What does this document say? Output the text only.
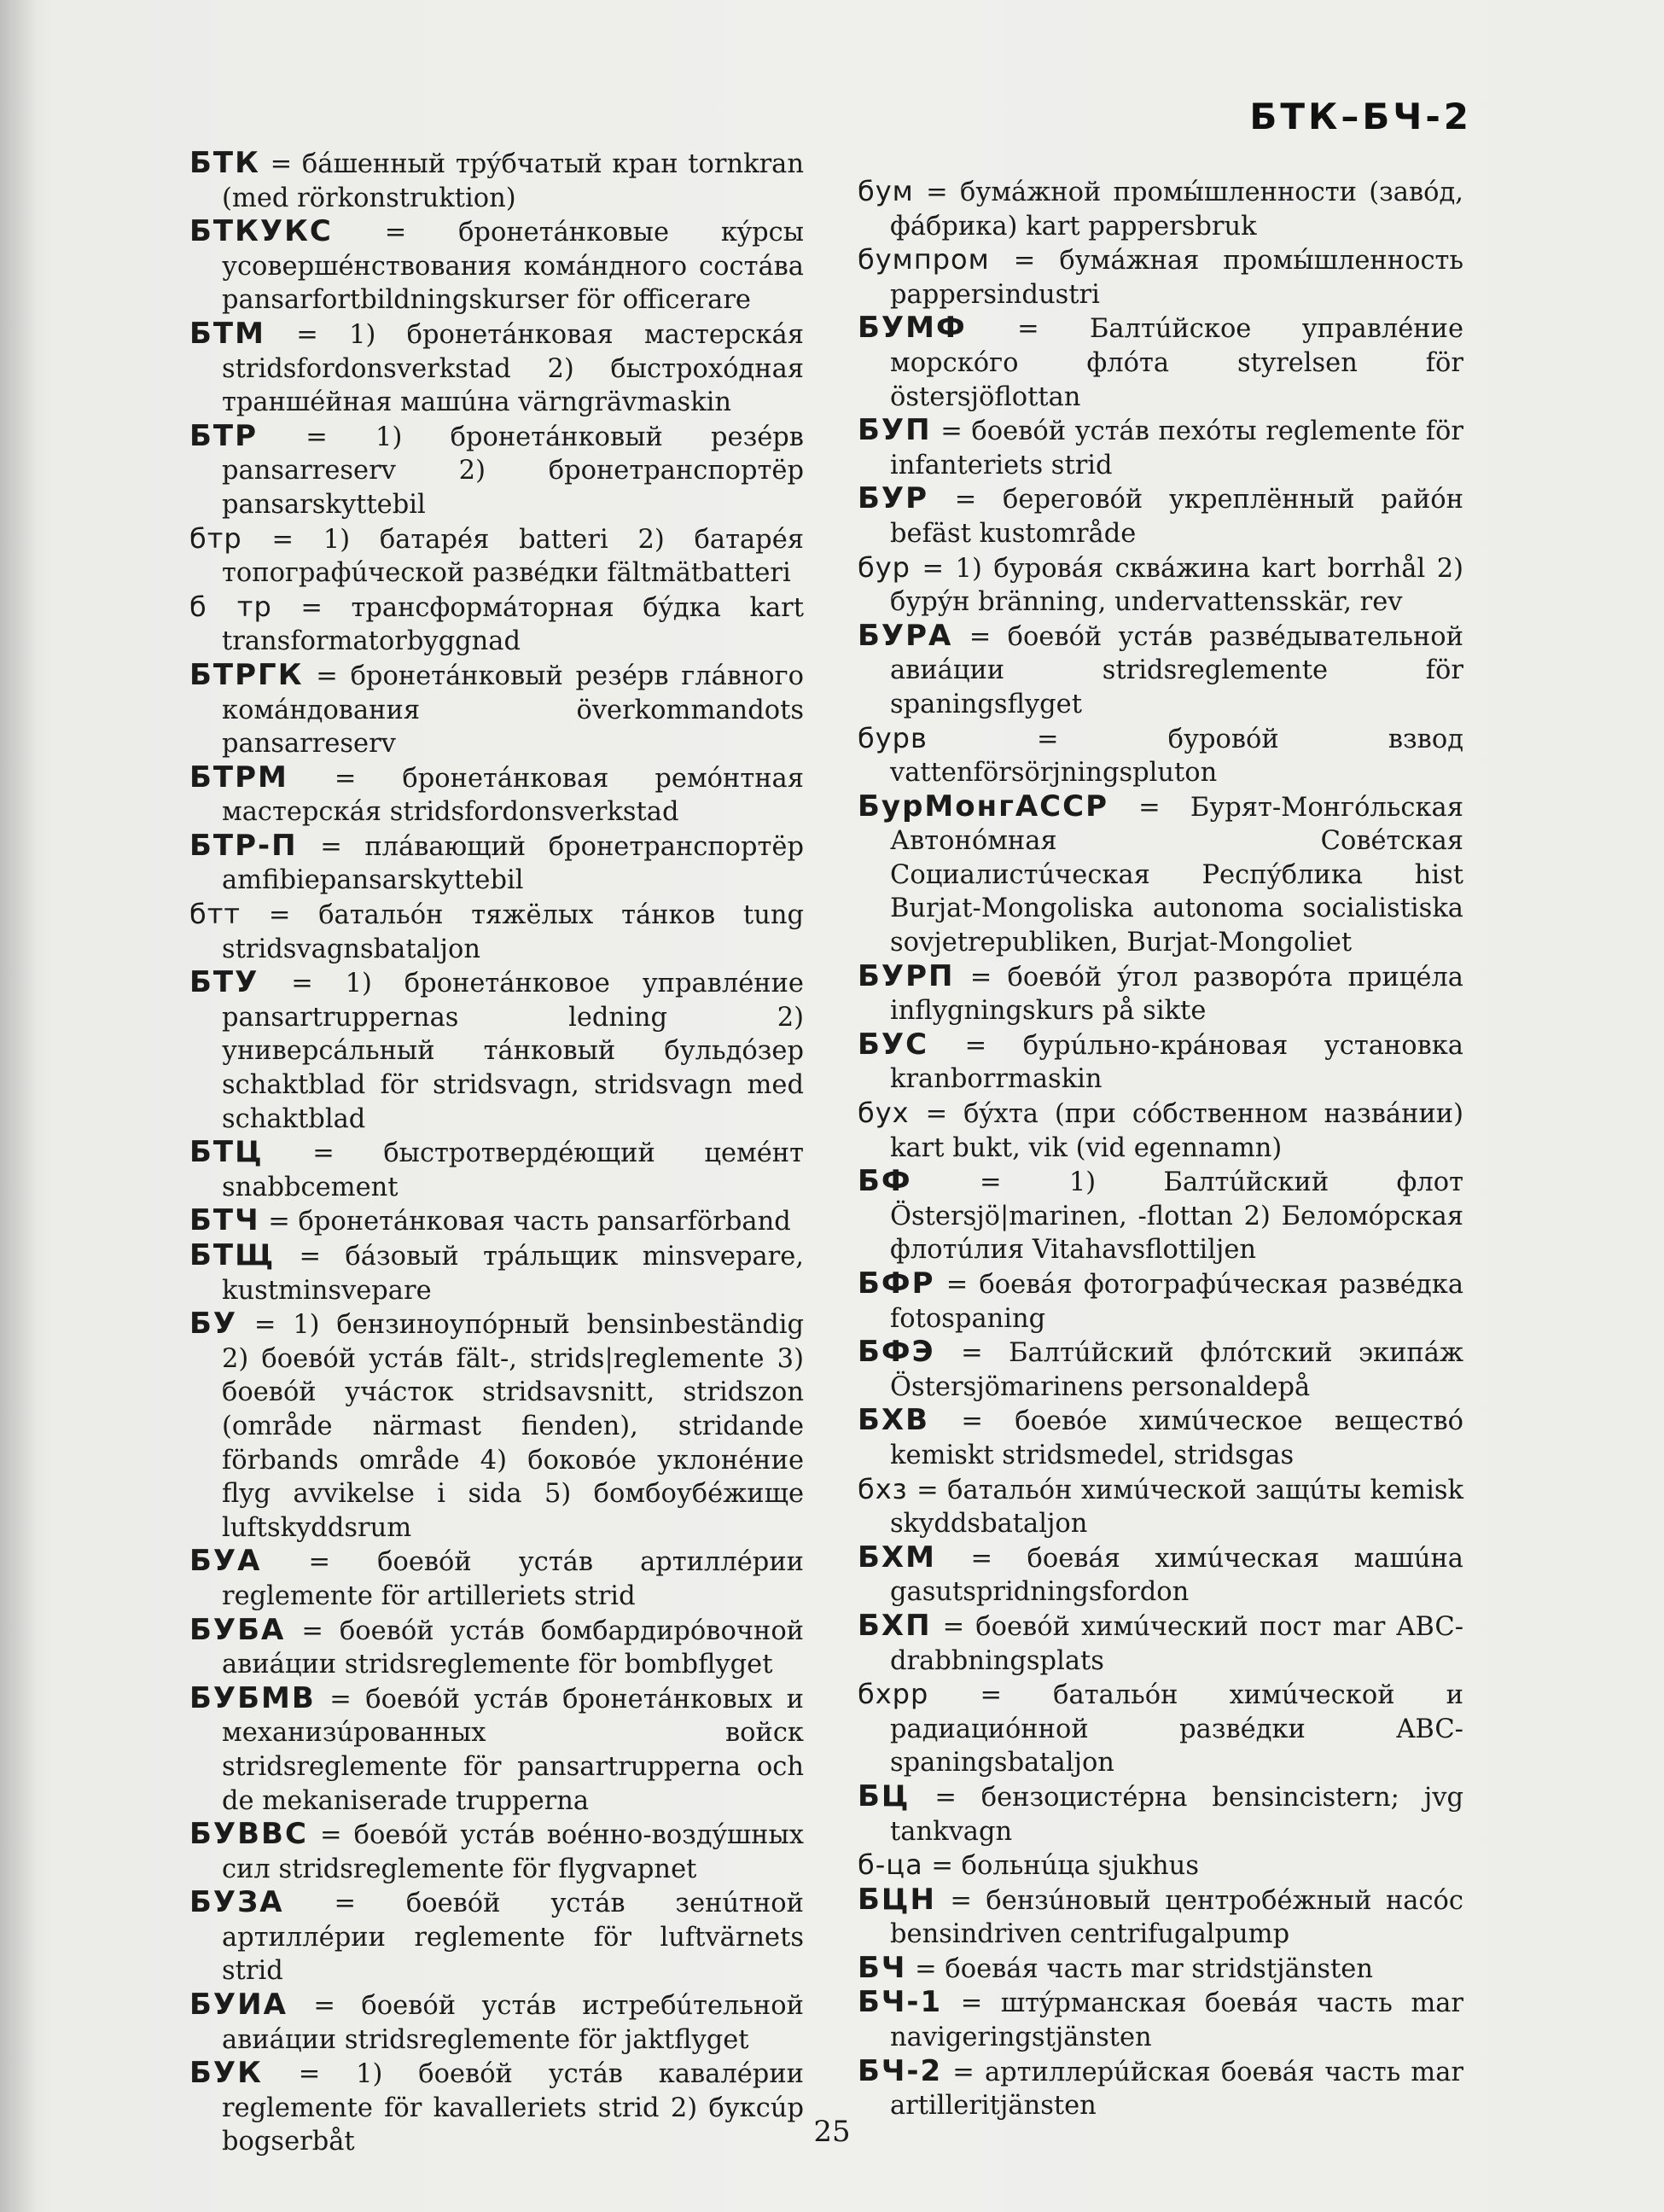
БТК–БЧ-2
БТК = бáшенный трýбчатый кран tornkran (med rörkonstruktion)
БТКУКС = бронетáнковые кýрсы усовершéнствования комáндного состáва pansarfortbildningskurser för officerare
БТМ = 1) бронетáнковая мастерскáя stridsfordonsverkstad 2) быстрохóдная траншéйная машúна värngrävmaskin
БТР = 1) бронетáнковый резéрв pansarreserv 2) бронетранспортёр pansarskyttebil
бтр = 1) батарéя batteri 2) батарéя топографúческой развéдки fältmätbatteri
б тр = трансформáторная бýдка kart transformatorbyggnad
БТРГК = бронетáнковый резéрв глáвного комáндования överkommandots pansarreserv
БТРМ = бронетáнковая ремóнтная мастерскáя stridsfordonsverkstad
БТР-П = плáвающий бронетранспортёр amfibiepansarskyttebil
бтт = батальóн тяжёлых тáнков tung stridsvagnsbataljon
БТУ = 1) бронетáнковое управлéние pansartruppernas ledning 2) универсáльный тáнковый бульдóзер schaktblad för stridsvagn, stridsvagn med schaktblad
БТЦ = быстротвердéющий цемéнт snabbcement
БТЧ = бронетáнковая часть pansarförband
БТЩ = бáзовый трáльщик minsvepare, kustminsvepare
БУ = 1) бензиноупóрный bensinbeständig 2) боевóй устáв fält-, strids|reglemente 3) боевóй учáсток stridsavsnitt, stridszon (område närmast fienden), stridande förbands område 4) боковóе уклонéние flyg avvikelse i sida 5) бомбоубéжище luftskyddsrum
БУА = боевóй устáв артиллéрии reglemente för artilleriets strid
БУБА = боевóй устáв бомбардирóвочной авиáции stridsreglemente för bombflyget
БУБМВ = боевóй устáв бронетáнковых и механизúрованных войск stridsreglemente för pansartrupperna och de mekaniserade trupperna
БУВВС = боевóй устáв воéнно-воздýшных сил stridsreglemente för flygvapnet
БУЗА = боевóй устáв зенúтной артиллéрии reglemente för luftvärnets strid
БУИА = боевóй устáв истребúтельной авиáции stridsreglemente för jaktflyget
БУК = 1) боевóй устáв кавалéрии reglemente för kavalleriets strid 2) буксúр bogserbåt
бум = бумáжной промы́шленности (завóд, фáбрика) kart pappersbruk
бумпром = бумáжная промы́шленность pappersindustri
БУМФ = Балтúйское управлéние морскóго флóта styrelsen för östersjöflottan
БУП = боевóй устáв пехóты reglemente för infanteriets strid
БУР = береговóй укреплённый райóн befäst kustområde
бур = 1) буровáя сквáжина kart borrhål 2) бурýн bränning, undervattensskär, rev
БУРА = боевóй устáв развéдывательной авиáции stridsreglemente för spaningsflyget
бурв	= буровóй взвод vattenförsörjningspluton
БурМонгАССР = Бурят-Монгóльская Автонóмная Совéтская Социалистúческая Респýблика hist Burjat-Mongoliska autonoma socialistiska sovjetrepubliken, Burjat-Mongoliet
БУРП = боевóй ýгол разворóта прицéла inflygningskurs på sikte
БУС = бурúльно-крáновая установка kranborrmaskin
бух = бýхта (при сóбственном назвáнии) kart bukt, vik (vid egennamn)
БФ	= 1) Балтúйский флот Östersjö|marinen, -flottan 2) Беломóрская флотúлия Vitahavsflottiljen
БФР = боевáя фотографúческая развéдка fotospaning
БФЭ = Балтúйский флóтский экипáж Östersjömarinens personaldepå
БХВ = боевóе химúческое веществó kemiskt stridsmedel, stridsgas
бхз = батальóн химúческой защúты kemisk skyddsbataljon
БХМ = боевáя химúческая машúна gasutspridningsfordon
БХП = боевóй химúческий пост mar ABC-drabbningsplats
бхрр = батальóн химúческой и радиациóнной развéдки ABC-spaningsbataljon
БЦ = бензоцистéрна bensincistern; jvg tankvagn
б-ца = больнúца sjukhus
БЦН = бензúновый центробéжный насóс bensindriven centrifugalpump
БЧ = боевáя часть mar stridstjänsten
БЧ-1 = штýрманская боевáя часть mar navigeringstjänsten
БЧ-2 = артиллерúйская боевáя часть mar artilleritjänsten
25
